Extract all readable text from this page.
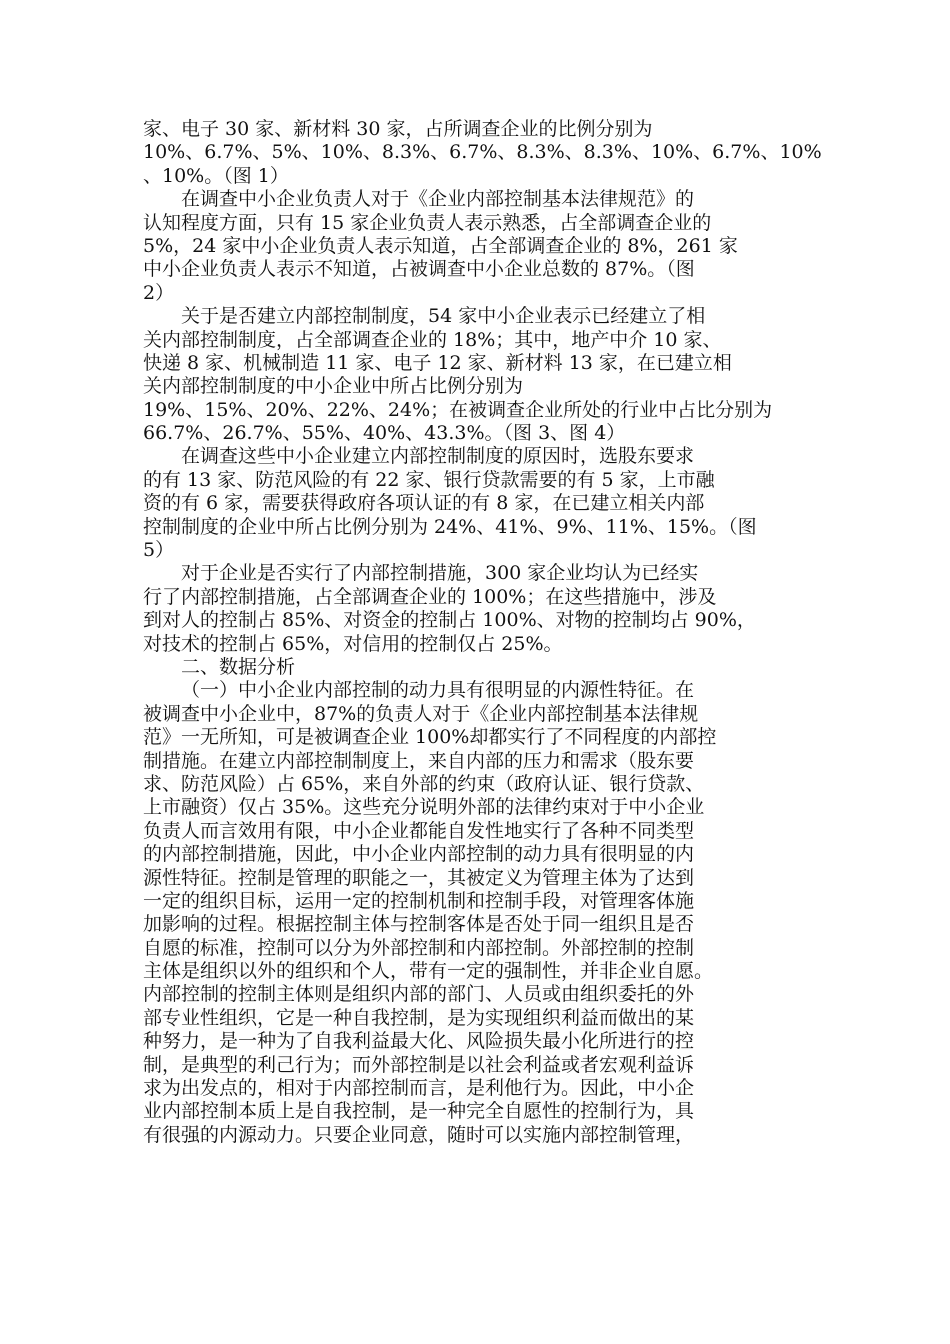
家、电子 30 家、新材料 30 家，占所调查企业的比例分别为
10%、6.7%、5%、10%、8.3%、6.7%、8.3%、8.3%、10%、6.7%、10%
、10%。（图 1）
在调查中小企业负责人对于《企业内部控制基本法律规范》的
认知程度方面，只有 15 家企业负责人表示熟悉，占全部调查企业的
5%，24 家中小企业负责人表示知道，占全部调查企业的 8%，261 家
中小企业负责人表示不知道，占被调查中小企业总数的 87%。（图
2）
关于是否建立内部控制制度，54 家中小企业表示已经建立了相
关内部控制制度，占全部调查企业的 18%；其中，地产中介 10 家、
快递 8 家、机械制造 11 家、电子 12 家、新材料 13 家，在已建立相
关内部控制制度的中小企业中所占比例分别为
19%、15%、20%、22%、24%；在被调查企业所处的行业中占比分别为
66.7%、26.7%、55%、40%、43.3%。（图 3、图 4）
在调查这些中小企业建立内部控制制度的原因时，选股东要求
的有 13 家、防范风险的有 22 家、银行贷款需要的有 5 家，上市融
资的有 6 家，需要获得政府各项认证的有 8 家，在已建立相关内部
控制制度的企业中所占比例分别为 24%、41%、9%、11%、15%。（图
5）
对于企业是否实行了内部控制措施，300 家企业均认为已经实
行了内部控制措施，占全部调查企业的 100%；在这些措施中，涉及
到对人的控制占 85%、对资金的控制占 100%、对物的控制均占 90%，
对技术的控制占 65%，对信用的控制仅占 25%。
二、数据分析
（一）中小企业内部控制的动力具有很明显的内源性特征。在
被调查中小企业中，87%的负责人对于《企业内部控制基本法律规
范》一无所知，可是被调查企业 100%却都实行了不同程度的内部控
制措施。在建立内部控制制度上，来自内部的压力和需求（股东要
求、防范风险）占 65%，来自外部的约束（政府认证、银行贷款、
上市融资）仅占 35%。这些充分说明外部的法律约束对于中小企业
负责人而言效用有限，中小企业都能自发性地实行了各种不同类型
的内部控制措施，因此，中小企业内部控制的动力具有很明显的内
源性特征。控制是管理的职能之一，其被定义为管理主体为了达到
一定的组织目标，运用一定的控制机制和控制手段，对管理客体施
加影响的过程。根据控制主体与控制客体是否处于同一组织且是否
自愿的标准，控制可以分为外部控制和内部控制。外部控制的控制
主体是组织以外的组织和个人，带有一定的强制性，并非企业自愿。
内部控制的控制主体则是组织内部的部门、人员或由组织委托的外
部专业性组织，它是一种自我控制，是为实现组织利益而做出的某
种努力，是一种为了自我利益最大化、风险损失最小化所进行的控
制，是典型的利己行为；而外部控制是以社会利益或者宏观利益诉
求为出发点的，相对于内部控制而言，是利他行为。因此，中小企
业内部控制本质上是自我控制，是一种完全自愿性的控制行为，具
有很强的内源动力。只要企业同意，随时可以实施内部控制管理，
